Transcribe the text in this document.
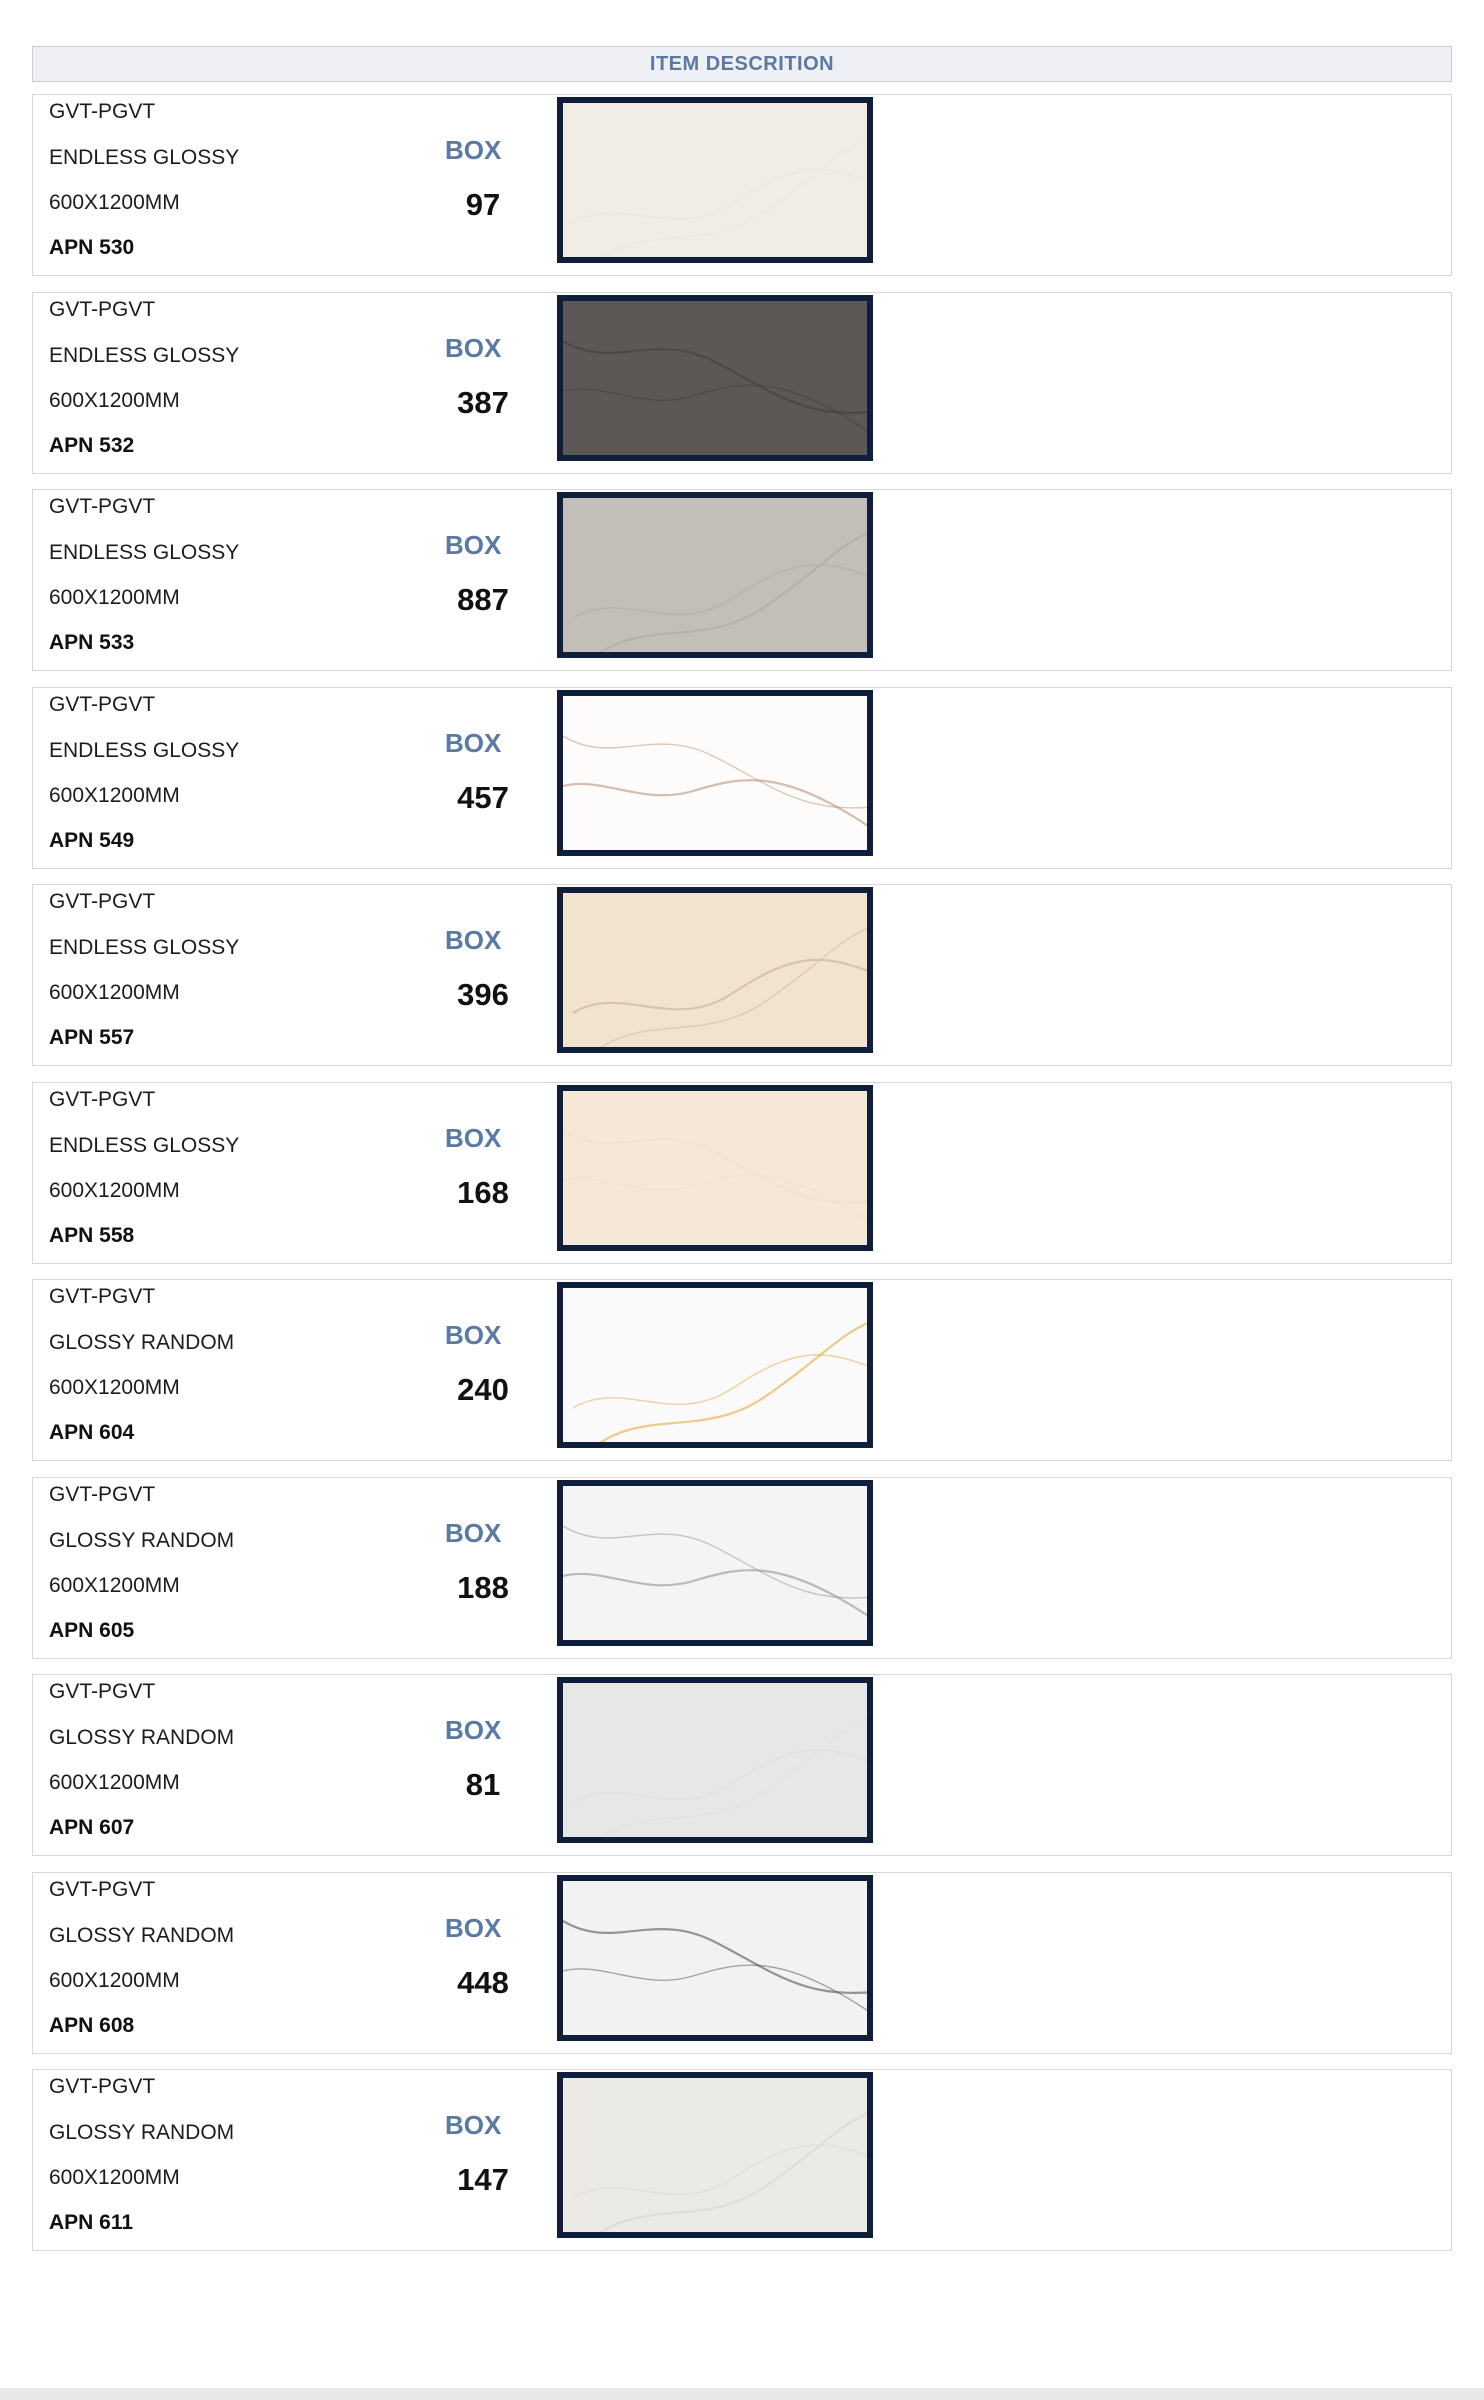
ITEM DESCRITION
GVT-PGVT
ENDLESS GLOSSY
600X1200MM
APN 530
BOX
97
GVT-PGVT
ENDLESS GLOSSY
600X1200MM
APN 532
BOX
387
GVT-PGVT
ENDLESS GLOSSY
600X1200MM
APN 533
BOX
887
GVT-PGVT
ENDLESS GLOSSY
600X1200MM
APN 549
BOX
457
GVT-PGVT
ENDLESS GLOSSY
600X1200MM
APN 557
BOX
396
GVT-PGVT
ENDLESS GLOSSY
600X1200MM
APN 558
BOX
168
GVT-PGVT
GLOSSY RANDOM
600X1200MM
APN 604
BOX
240
GVT-PGVT
GLOSSY RANDOM
600X1200MM
APN 605
BOX
188
GVT-PGVT
GLOSSY RANDOM
600X1200MM
APN 607
BOX
81
GVT-PGVT
GLOSSY RANDOM
600X1200MM
APN 608
BOX
448
GVT-PGVT
GLOSSY RANDOM
600X1200MM
APN 611
BOX
147
